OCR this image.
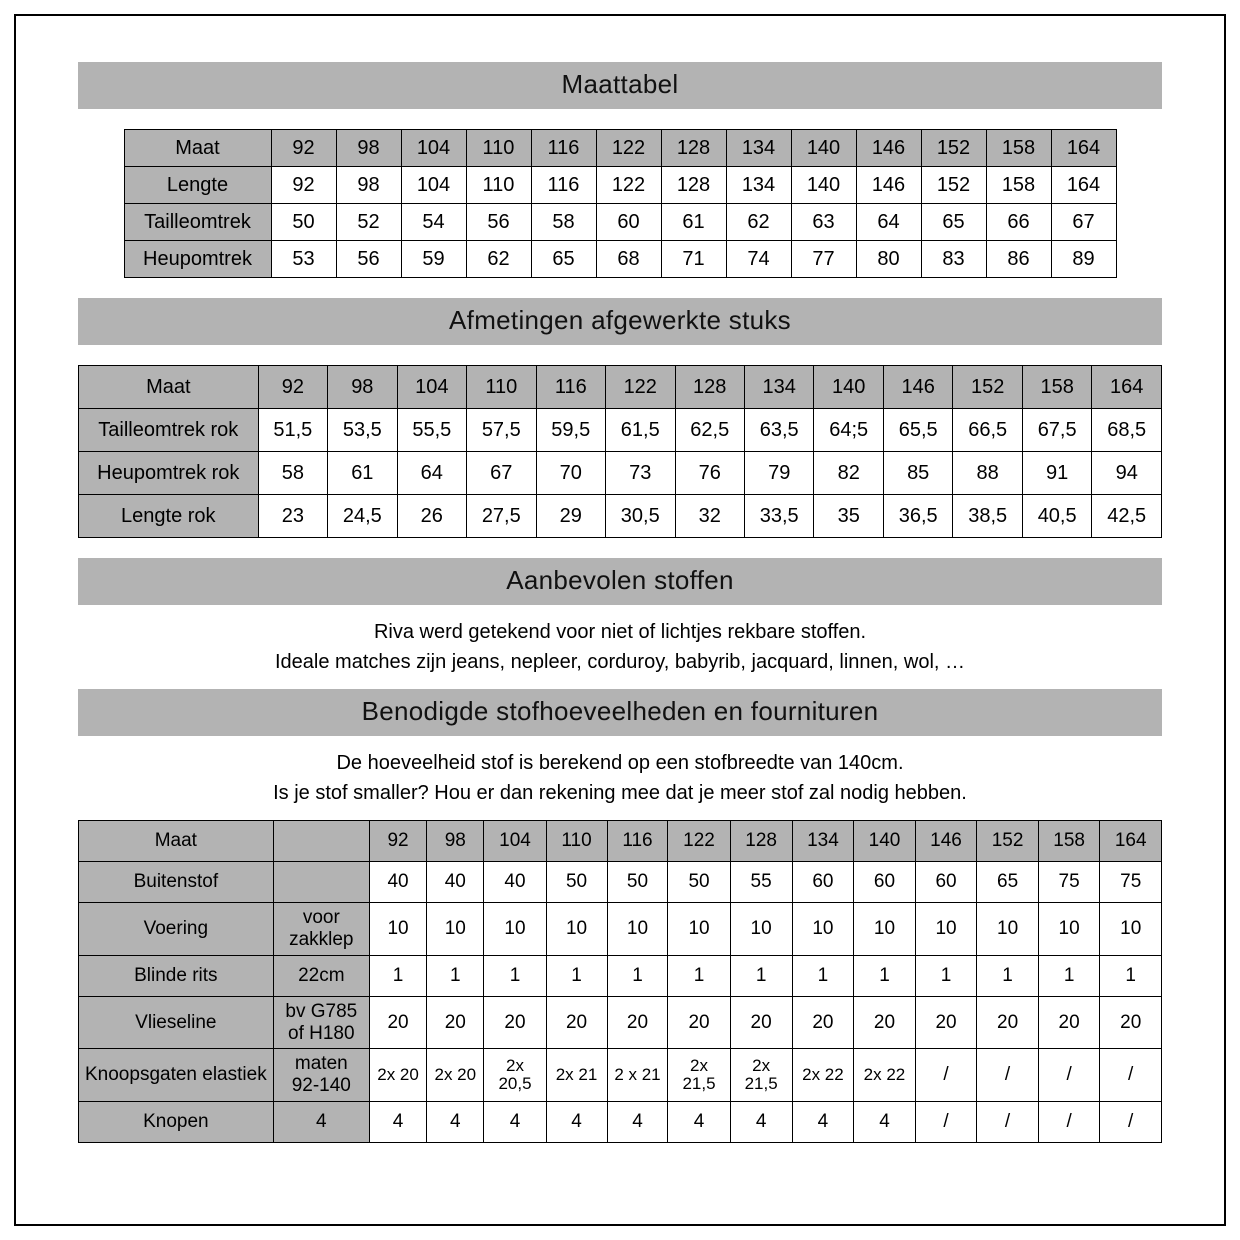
Maattabel
Maat	92	98	104	110	116	122	128	134	140	146	152	158	164
Lengte	92	98	104	110	116	122	128	134	140	146	152	158	164
Tailleomtrek	50	52	54	56	58	60	61	62	63	64	65	66	67
Heupomtrek	53	56	59	62	65	68	71	74	77	80	83	86	89
Afmetingen afgewerkte stuks
Maat	92	98	104	110	116	122	128	134	140	146	152	158	164
Tailleomtrek rok	51,5	53,5	55,5	57,5	59,5	61,5	62,5	63,5	64;5	65,5	66,5	67,5	68,5
Heupomtrek rok	58	61	64	67	70	73	76	79	82	85	88	91	94
Lengte rok	23	24,5	26	27,5	29	30,5	32	33,5	35	36,5	38,5	40,5	42,5
Aanbevolen stoffen
Riva werd getekend voor niet of lichtjes rekbare stoffen.
Ideale matches zijn jeans, nepleer, corduroy, babyrib, jacquard, linnen, wol, …
Benodigde stofhoeveelheden en fournituren
De hoeveelheid stof is berekend op een stofbreedte van 140cm.
Is je stof smaller? Hou er dan rekening mee dat je meer stof zal nodig hebben.
Maat		92	98	104	110	116	122	128	134	140	146	152	158	164
Buitenstof		40	40	40	50	50	50	55	60	60	60	65	75	75
Voering	voor zakklep	10	10	10	10	10	10	10	10	10	10	10	10	10
Blinde rits	22cm	1	1	1	1	1	1	1	1	1	1	1	1	1
Vlieseline	bv G785 of H180	20	20	20	20	20	20	20	20	20	20	20	20	20
Knoopsgaten elastiek	maten 92-140	2x 20	2x 20	2x 20,5	2x 21	2 x 21	2x 21,5	2x 21,5	2x 22	2x 22	/	/	/	/
Knopen	4	4	4	4	4	4	4	4	4	4	/	/	/	/
